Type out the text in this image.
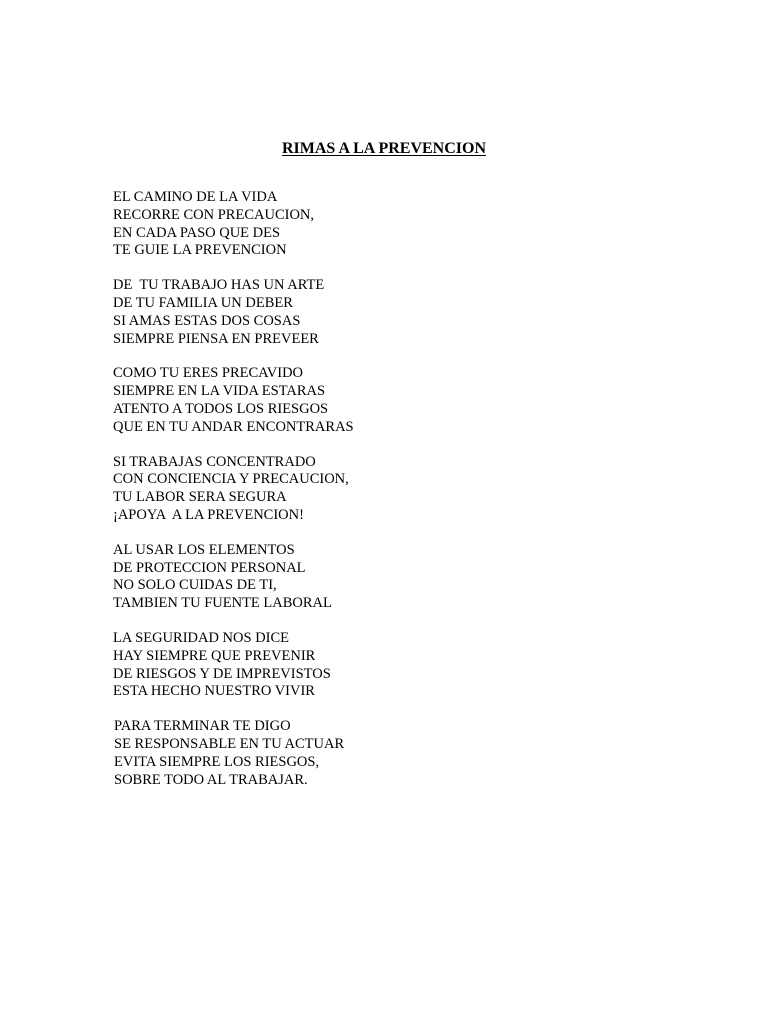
RIMAS A LA PREVENCION

EL CAMINO DE LA VIDA

RECORRE CON PRECAUCION,

EN CADA PASO QUE DES

TE GUIE LA PREVENCION

DE  TU TRABAJO HAS UN ARTE

DE TU FAMILIA UN DEBER

SI AMAS ESTAS DOS COSAS

SIEMPRE PIENSA EN PREVEER

COMO TU ERES PRECAVIDO

SIEMPRE EN LA VIDA ESTARAS

ATENTO A TODOS LOS RIESGOS

QUE EN TU ANDAR ENCONTRARAS

SI TRABAJAS CONCENTRADO

CON CONCIENCIA Y PRECAUCION,

TU LABOR SERA SEGURA

¡APOYA  A LA PREVENCION!

AL USAR LOS ELEMENTOS

DE PROTECCION PERSONAL

NO SOLO CUIDAS DE TI,

TAMBIEN TU FUENTE LABORAL

LA SEGURIDAD NOS DICE

HAY SIEMPRE QUE PREVENIR

DE RIESGOS Y DE IMPREVISTOS

ESTA HECHO NUESTRO VIVIR

PARA TERMINAR TE DIGO

SE RESPONSABLE EN TU ACTUAR

EVITA SIEMPRE LOS RIESGOS,

SOBRE TODO AL TRABAJAR.
